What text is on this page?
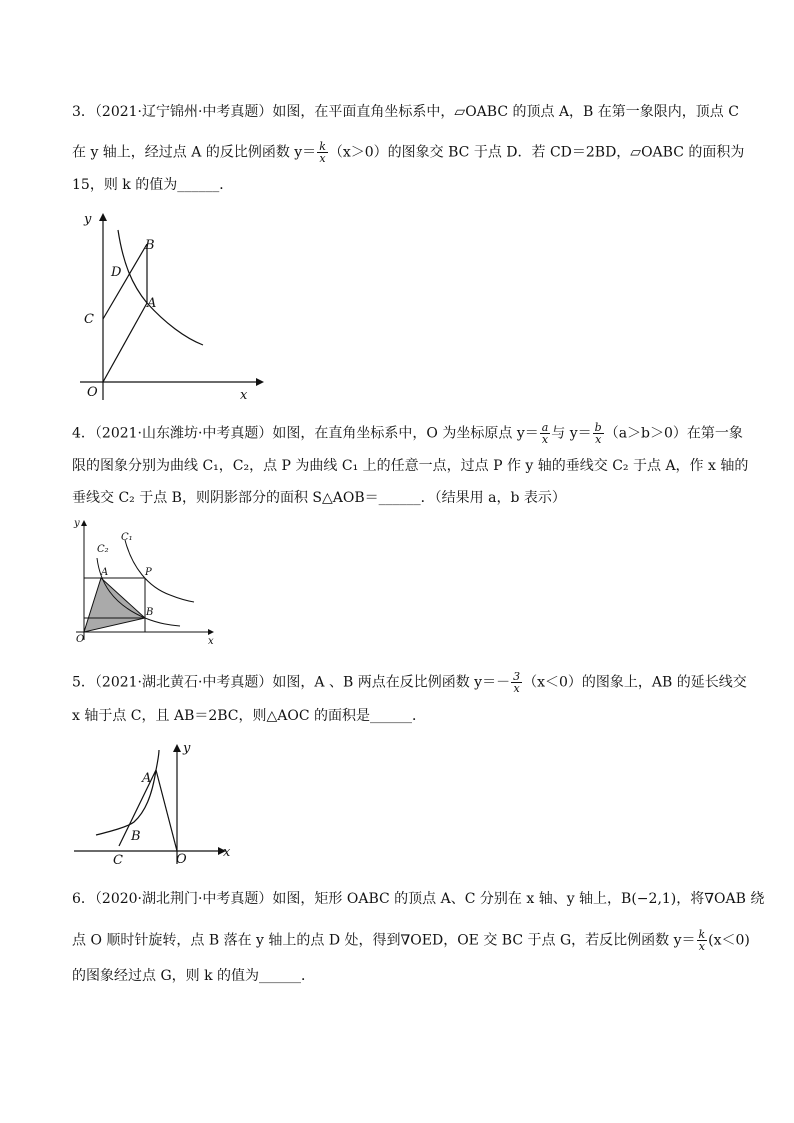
3．（2021·辽宁锦州·中考真题）如图，在平面直角坐标系中，▱OABC 的顶点 A，B 在第一象限内，顶点 C
在 y 轴上，经过点 A 的反比例函数 $y= \frac{k}{x} (x>0)$的图象交 BC 于点 D．若 CD＝2BD，▱OABC 的面积为
15，则 k 的值为______．
y
x
O
C
D
B
A
4．（2021·山东潍坊·中考真题）如图，在直角坐标系中，O 为坐标原点 $y= \frac{a}{x}$ 与 $y= \frac{b}{x} (a>b>0)$在第一象
限的图象分别为曲线 C₁，C₂，点 P 为曲线 C₁ 上的任意一点，过点 P 作 y 轴的垂线交 C₂ 于点 A，作 x 轴的
垂线交 C₂ 于点 B，则阴影部分的面积 S△AOB＝______．（结果用 a，b 表示）
y
x
O
C₁
C₂
A	P
B
5．（2021·湖北黄石·中考真题）如图，A 、B 两点在反比例函数 $y=- \frac{3}{x} (x<0)$的图象上，AB 的延长线交
x 轴于点 C，且 AB＝2BC，则△AOC 的面积是______．
y
x
O
A
B
C
6．（2020·湖北荆门·中考真题）如图，矩形 OABC 的顶点 A、C 分别在 x 轴、y 轴上，B(−2,1)，将∇OAB 绕
点 O 顺时针旋转，点 B 落在 y 轴上的点 D 处，得到∇OED，OE 交 BC 于点 G，若反比例函数 $y= \frac{k}{x} (x<0)$
的图象经过点 G，则 k 的值为______．
